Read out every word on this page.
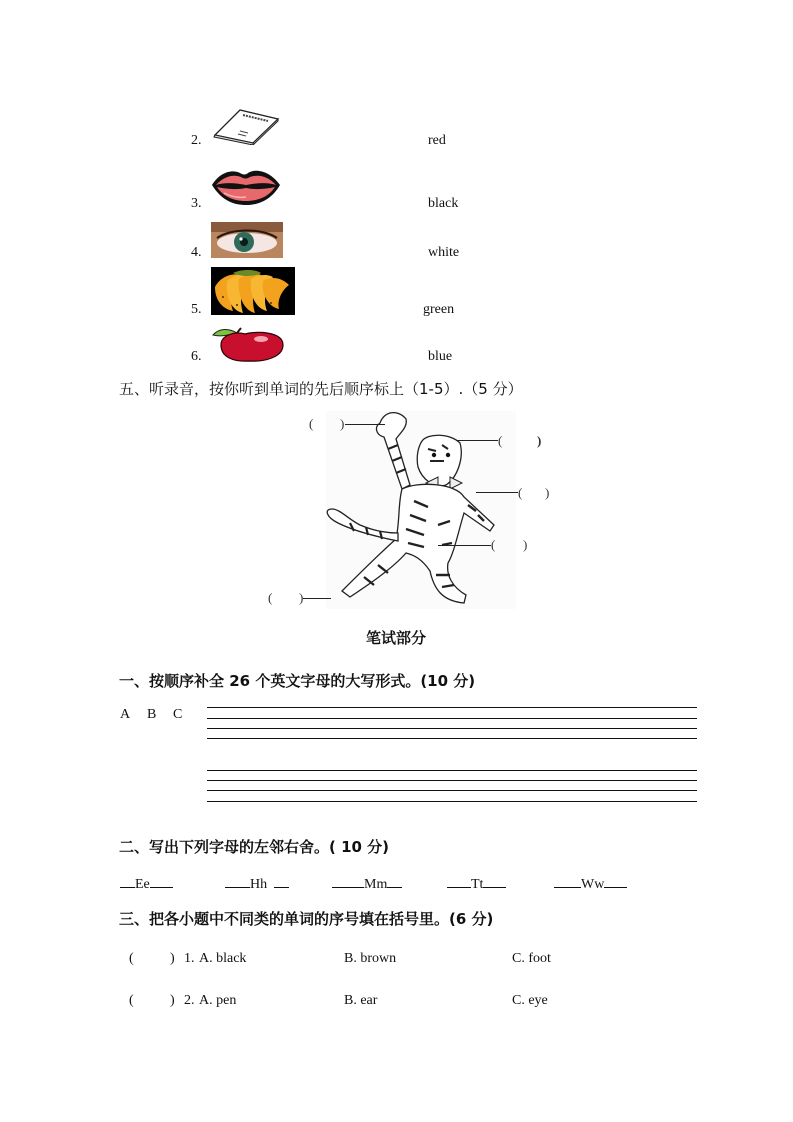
2.	red
3.	black
4.	white
5.	green
6.	blue
五、听录音，按你听到单词的先后顺序标上（1-5）.（5 分）
( )
(	)
( )
( )
( )
笔试部分
一、按顺序补全 26 个英文字母的大写形式。(10 分)
A B C
二、写出下列字母的左邻右舍。( 10 分)
Ee	Hh	Mm	Tt	Ww
三、把各小题中不同类的单词的序号填在括号里。(6 分)
(	) 1. A. black	B. brown	C. foot
(	) 2. A. pen	B. ear	C. eye
